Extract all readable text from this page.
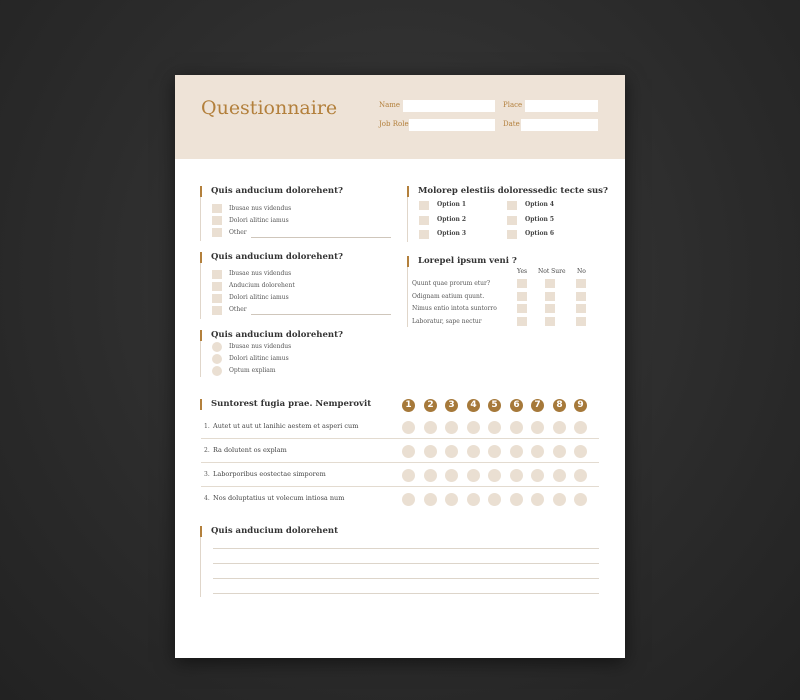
Questionnaire	Name	Place
Job Role	Date
Quis anducium dolorehent?
Ibusae nus videndus
Dolori alitinc iamus
Other
Quis anducium dolorehent?
Ibusae nus videndus
Anducium dolorehent
Dolori alitinc iamus
Other
Quis anducium dolorehent?
Ibusae nus videndus
Dolori alitinc iamus
Optum expliam
Molorep elestiis doloressedic tecte sus?
Option 1
Option 2
Option 3
Option 4
Option 5
Option 6
Lorepel ipsum veni ?
Yes Not Sure No
Quunt quae prorum etur?
Odignam eatium quunt.
Nimus entio intota suntorro
Laboratur, sape nectur
Suntorest fugia prae. Nemperovit	1	2	3	4	5	6	7	8	9
1. Autet ut aut ut lanihic aestem et asperi cum
2. Ra dolutent os explam
3. Laborporibus eostectae simporem
4. Nos doluptatius ut volecum intiosa num
Quis anducium dolorehent
